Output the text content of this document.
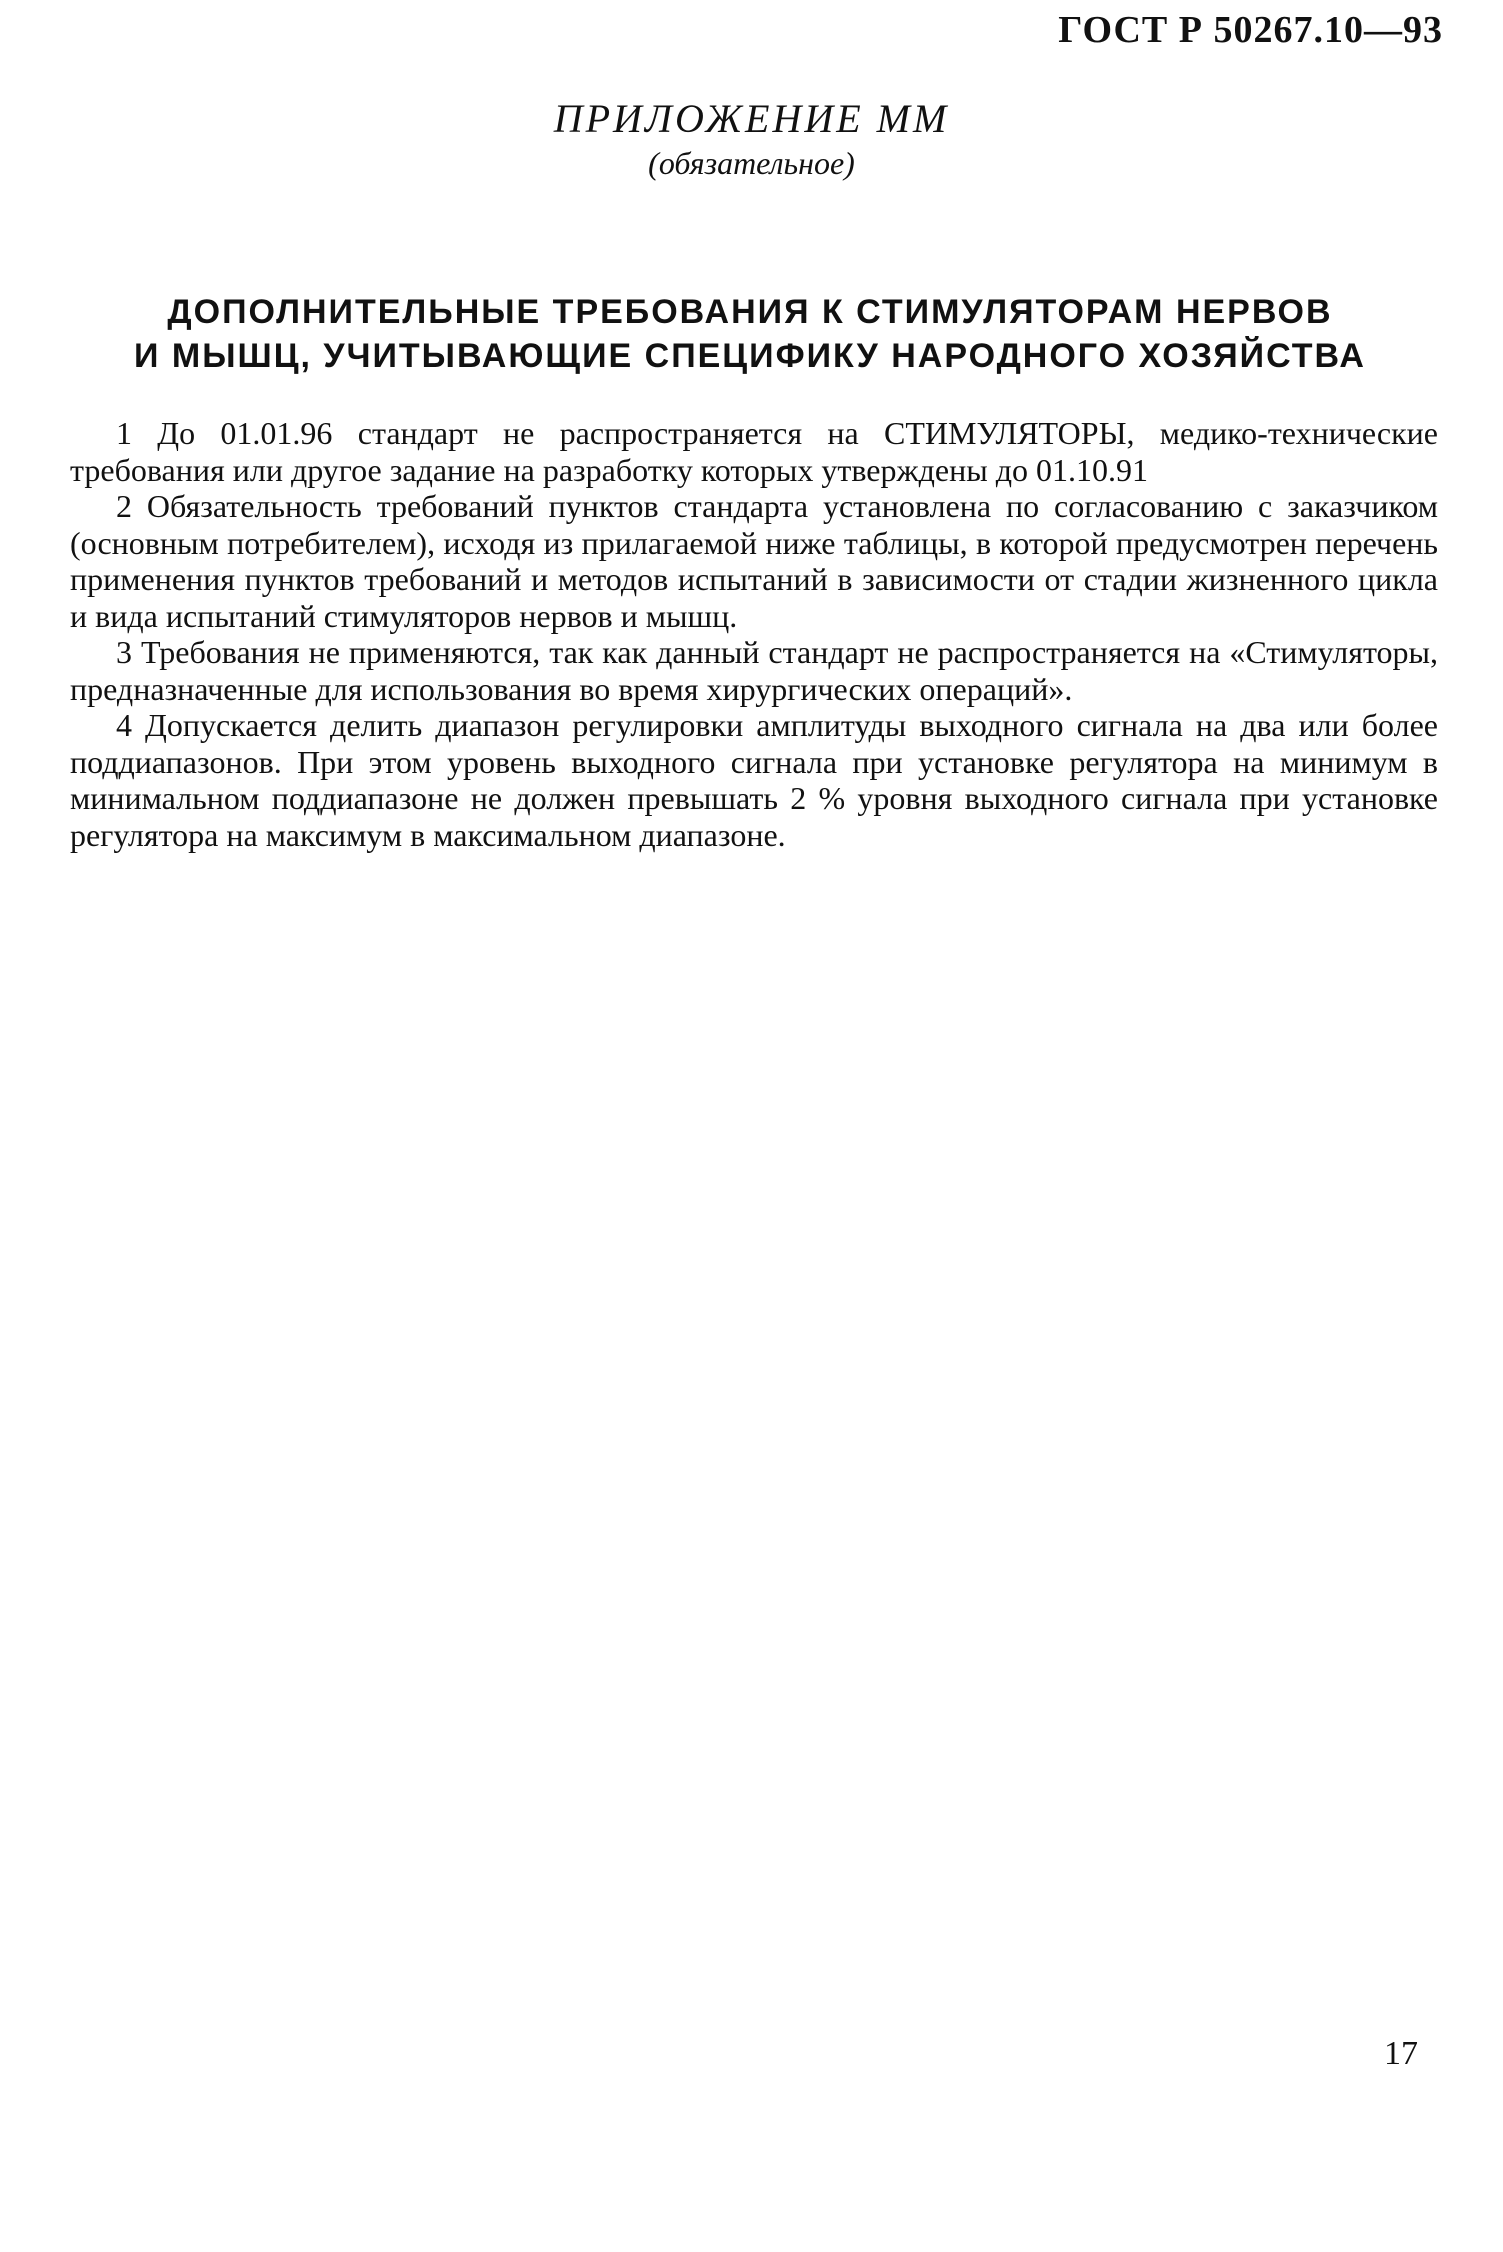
ГОСТ Р 50267.10—93
ПРИЛОЖЕНИЕ ММ
(обязательное)
ДОПОЛНИТЕЛЬНЫЕ ТРЕБОВАНИЯ К СТИМУЛЯТОРАМ НЕРВОВ
И МЫШЦ, УЧИТЫВАЮЩИЕ СПЕЦИФИКУ НАРОДНОГО ХОЗЯЙСТВА

1 До 01.01.96 стандарт не распространяется на СТИМУЛЯТОРЫ, медико-технические требования или другое задание на разработку которых утверждены до 01.10.91

2 Обязательность требований пунктов стандарта установлена по согласованию с заказчиком (основным потребителем), исходя из прилагаемой ниже таблицы, в которой предусмотрен перечень применения пунктов требований и методов испытаний в зависимости от стадии жизненного цикла и вида испытаний стимуляторов нервов и мышц.

3 Требования не применяются, так как данный стандарт не распространяется на «Стимуляторы, предназначенные для использования во время хирургических операций».

4 Допускается делить диапазон регулировки амплитуды выходного сигнала на два или более поддиапазонов. При этом уровень выходного сигнала при установке регулятора на минимум в минимальном поддиапазоне не должен превышать 2 % уровня выходного сигнала при установке регулятора на максимум в максимальном диапазоне.

17
